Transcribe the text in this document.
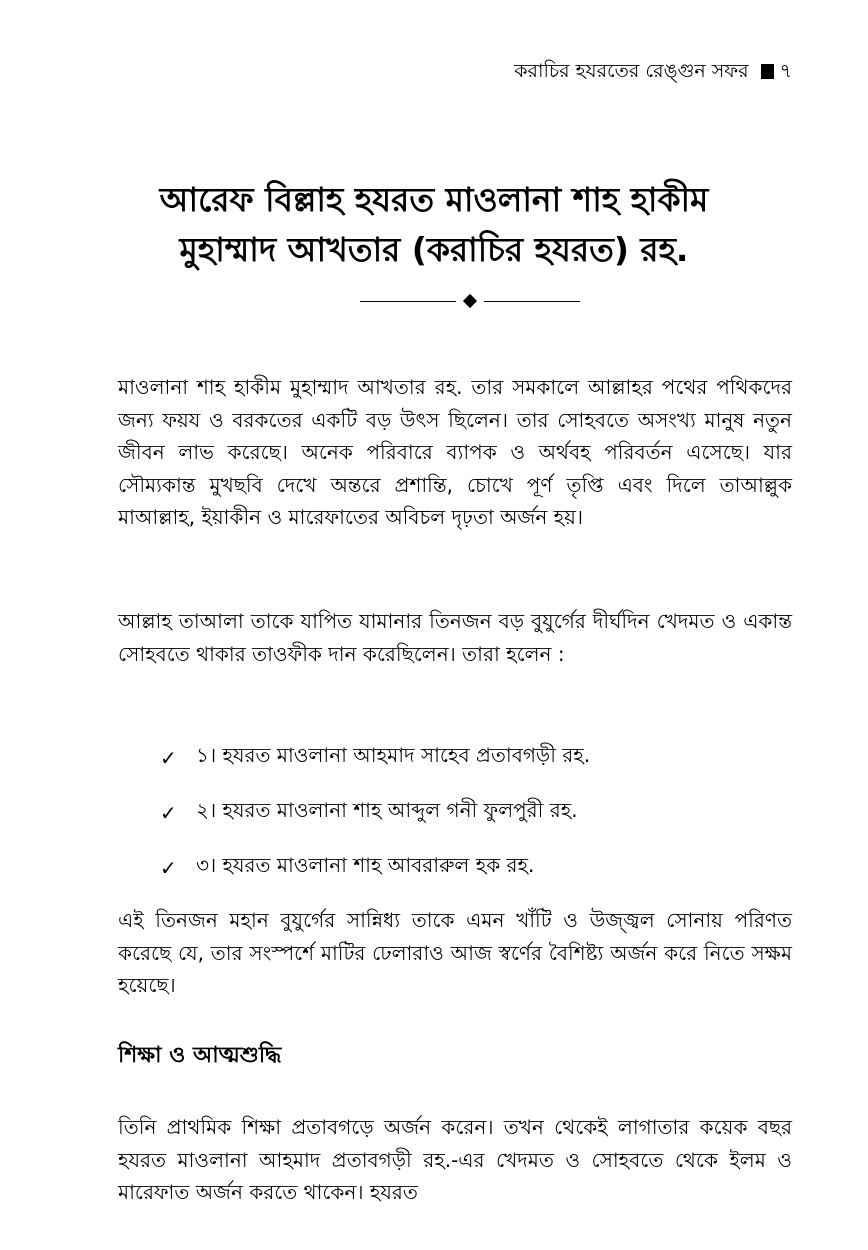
করাচির হযরতের রেঙ্গুন সফর ৭
আরেফ বিল্লাহ হযরত মাওলানা শাহ হাকীম
মুহাম্মাদ আখতার (করাচির হযরত) রহ.

মাওলানা শাহ হাকীম মুহাম্মাদ আখতার রহ. তার সমকালে আল্লাহর পথের পথিকদের জন্য ফয়য ও বরকতের একটি বড় উৎস ছিলেন। তার সোহবতে অসংখ্য মানুষ নতুন জীবন লাভ করেছে। অনেক পরিবারে ব্যাপক ও অর্থবহ পরিবর্তন এসেছে। যার সৌম্যকান্ত মুখছবি দেখে অন্তরে প্রশান্তি, চোখে পূর্ণ তৃপ্তি এবং দিলে তাআল্লুক মাআল্লাহ, ইয়াকীন ও মারেফাতের অবিচল দৃঢ়তা অর্জন হয়।

আল্লাহ তাআলা তাকে যাপিত যামানার তিনজন বড় বুযুর্গের দীর্ঘদিন খেদমত ও একান্ত সোহবতে থাকার তাওফীক দান করেছিলেন। তারা হলেন :

✓ ১। হযরত মাওলানা আহমাদ সাহেব প্রতাবগড়ী রহ.
✓ ২। হযরত মাওলানা শাহ আব্দুল গনী ফুলপুরী রহ.
✓ ৩। হযরত মাওলানা শাহ আবরারুল হক রহ.

এই তিনজন মহান বুযুর্গের সান্নিধ্য তাকে এমন খাঁটি ও উজ্জ্বল সোনায় পরিণত করেছে যে, তার সংস্পর্শে মাটির ঢেলারাও আজ স্বর্ণের বৈশিষ্ট্য অর্জন করে নিতে সক্ষম হয়েছে।

শিক্ষা ও আত্মশুদ্ধি

তিনি প্রাথমিক শিক্ষা প্রতাবগড়ে অর্জন করেন। তখন থেকেই লাগাতার কয়েক বছর হযরত মাওলানা আহমাদ প্রতাবগড়ী রহ.-এর খেদমত ও সোহবতে থেকে ইলম ও মারেফাত অর্জন করতে থাকেন। হযরত
